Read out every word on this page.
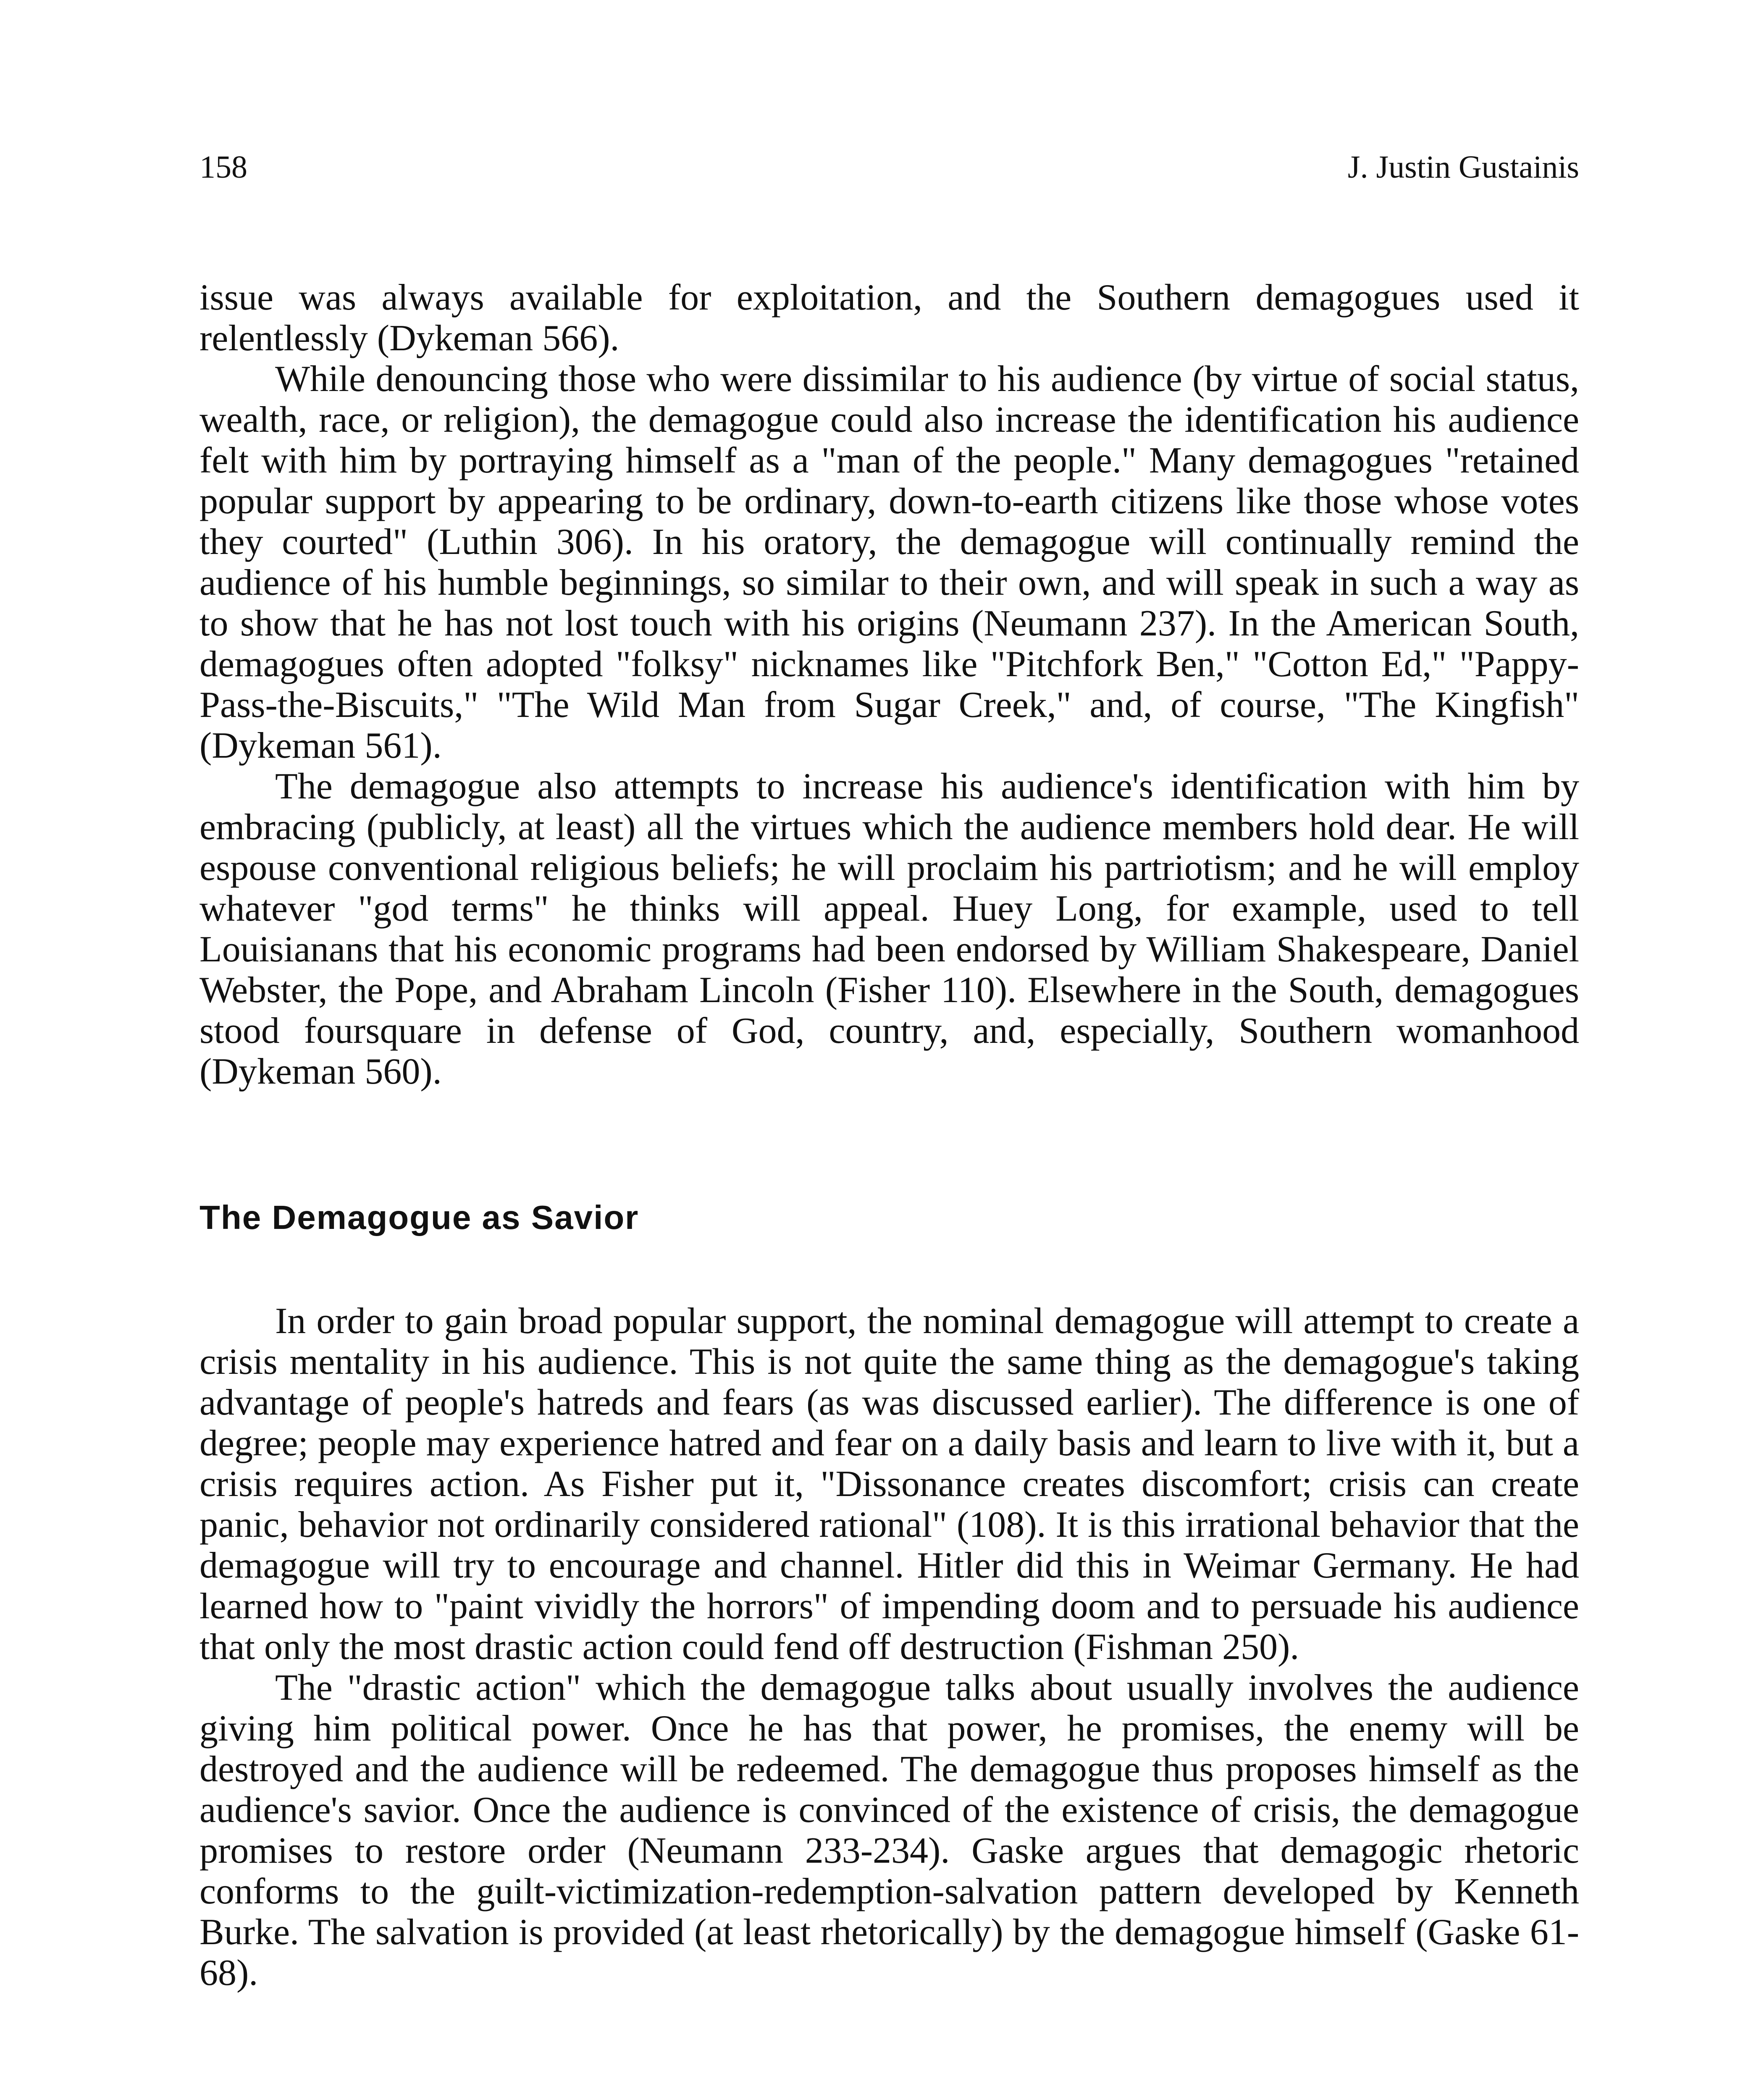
158	J. Justin Gustainis

issue was always available for exploitation, and the Southern demagogues used it relentlessly (Dykeman 566).

While denouncing those who were dissimilar to his audience (by virtue of social status, wealth, race, or religion), the demagogue could also increase the identification his audience felt with him by portraying himself as a "man of the people." Many demagogues "retained popular support by appearing to be ordinary, down-to-earth citizens like those whose votes they courted" (Luthin 306). In his oratory, the demagogue will continually remind the audience of his humble beginnings, so similar to their own, and will speak in such a way as to show that he has not lost touch with his origins (Neumann 237). In the American South, demagogues often adopted "folksy" nicknames like "Pitchfork Ben," "Cotton Ed," "Pappy-Pass-the-Biscuits," "The Wild Man from Sugar Creek," and, of course, "The Kingfish" (Dykeman 561).

The demagogue also attempts to increase his audience's identification with him by embracing (publicly, at least) all the virtues which the audience members hold dear. He will espouse conventional religious beliefs; he will proclaim his partriotism; and he will employ whatever "god terms" he thinks will appeal. Huey Long, for example, used to tell Louisianans that his economic programs had been endorsed by William Shakespeare, Daniel Webster, the Pope, and Abraham Lincoln (Fisher 110). Elsewhere in the South, demagogues stood foursquare in defense of God, country, and, especially, Southern womanhood (Dykeman 560).

The Demagogue as Savior

In order to gain broad popular support, the nominal demagogue will attempt to create a crisis mentality in his audience. This is not quite the same thing as the demagogue's taking advantage of people's hatreds and fears (as was discussed earlier). The difference is one of degree; people may experience hatred and fear on a daily basis and learn to live with it, but a crisis requires action. As Fisher put it, "Dissonance creates discomfort; crisis can create panic, behavior not ordinarily considered rational" (108). It is this irrational behavior that the demagogue will try to encourage and channel. Hitler did this in Weimar Germany. He had learned how to "paint vividly the horrors" of impending doom and to persuade his audience that only the most drastic action could fend off destruction (Fishman 250).

The "drastic action" which the demagogue talks about usually involves the audience giving him political power. Once he has that power, he promises, the enemy will be destroyed and the audience will be redeemed. The demagogue thus proposes himself as the audience's savior. Once the audience is convinced of the existence of crisis, the demagogue promises to restore order (Neumann 233-234). Gaske argues that demagogic rhetoric conforms to the guilt-victimization-redemption-salvation pattern developed by Kenneth Burke. The salvation is provided (at least rhetorically) by the demagogue himself (Gaske 61-68).
